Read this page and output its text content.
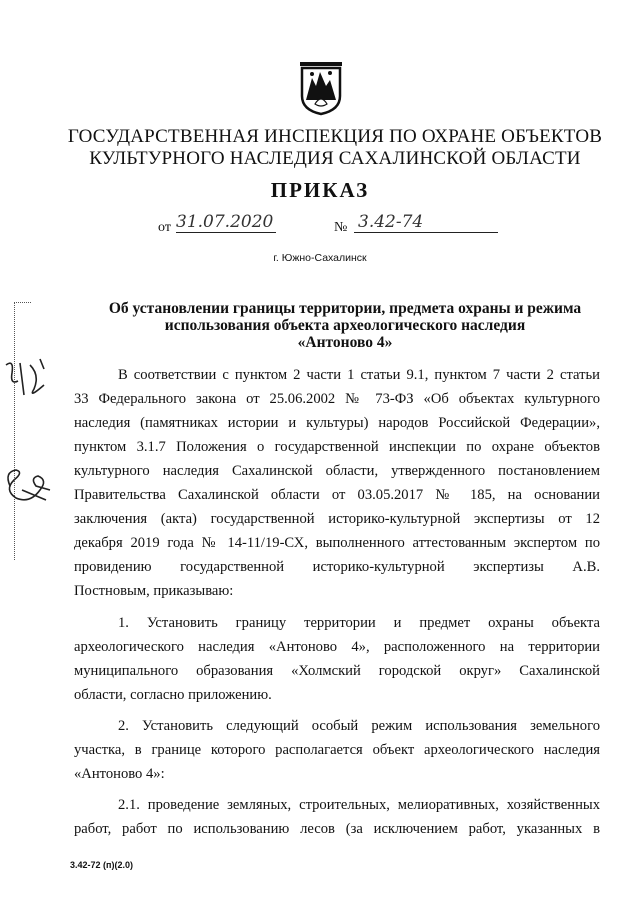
ГОСУДАРСТВЕННАЯ ИНСПЕКЦИЯ ПО ОХРАНЕ ОБЪЕКТОВ
КУЛЬТУРНОГО НАСЛЕДИЯ САХАЛИНСКОЙ ОБЛАСТИ
ПРИКАЗ
от 31.07.2020	№ 3.42-74
г. Южно-Сахалинск
Об установлении границы территории, предмета охраны и режима
использования объекта археологического наследия
«Антоново 4»
В соответствии с пунктом 2 части 1 статьи 9.1, пунктом 7 части 2 статьи
33 Федерального закона от 25.06.2002 № 73-ФЗ «Об объектах культурного
наследия (памятниках истории и культуры) народов Российской Федерации»,
пунктом 3.1.7 Положения о государственной инспекции по охране объектов
культурного наследия Сахалинской области, утвержденного постановлением
Правительства Сахалинской области от 03.05.2017 № 185, на основании
заключения (акта) государственной историко-культурной экспертизы от 12
декабря 2019 года № 14-11/19-СХ, выполненного аттестованным экспертом по
провидению государственной историко-культурной экспертизы А.В.
Постновым, приказываю:
1. Установить границу территории и предмет охраны объекта
археологического наследия «Антоново 4», расположенного на территории
муниципального образования «Холмский городской округ» Сахалинской
области, согласно приложению.
2. Установить следующий особый режим использования земельного
участка, в границе которого располагается объект археологического наследия
«Антоново 4»:
2.1. проведение земляных, строительных, мелиоративных, хозяйственных
работ, работ по использованию лесов (за исключением работ, указанных в
3.42-72 (п)(2.0)
